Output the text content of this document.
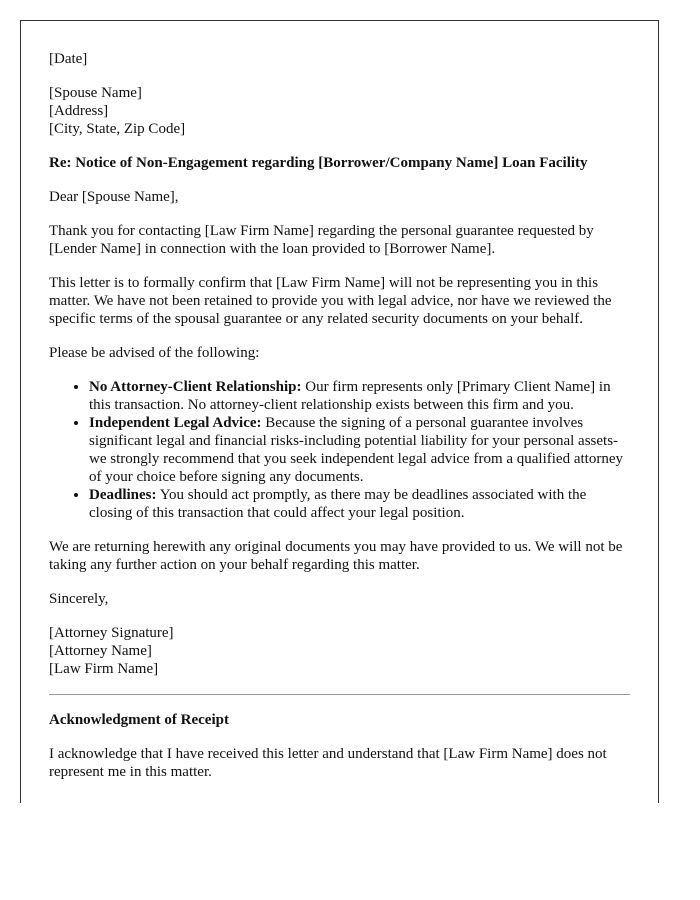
[Date]

[Spouse Name]
[Address]
[City, State, Zip Code]

Re: Notice of Non-Engagement regarding [Borrower/Company Name] Loan Facility

Dear [Spouse Name],

Thank you for contacting [Law Firm Name] regarding the personal guarantee requested by [Lender Name] in connection with the loan provided to [Borrower Name].

This letter is to formally confirm that [Law Firm Name] will not be representing you in this matter. We have not been retained to provide you with legal advice, nor have we reviewed the specific terms of the spousal guarantee or any related security documents on your behalf.

Please be advised of the following:

• No Attorney-Client Relationship: Our firm represents only [Primary Client Name] in this transaction. No attorney-client relationship exists between this firm and you.
• Independent Legal Advice: Because the signing of a personal guarantee involves significant legal and financial risks-including potential liability for your personal assets-we strongly recommend that you seek independent legal advice from a qualified attorney of your choice before signing any documents.
• Deadlines: You should act promptly, as there may be deadlines associated with the closing of this transaction that could affect your legal position.

We are returning herewith any original documents you may have provided to us. We will not be taking any further action on your behalf regarding this matter.

Sincerely,

[Attorney Signature]
[Attorney Name]
[Law Firm Name]

Acknowledgment of Receipt

I acknowledge that I have received this letter and understand that [Law Firm Name] does not represent me in this matter.
